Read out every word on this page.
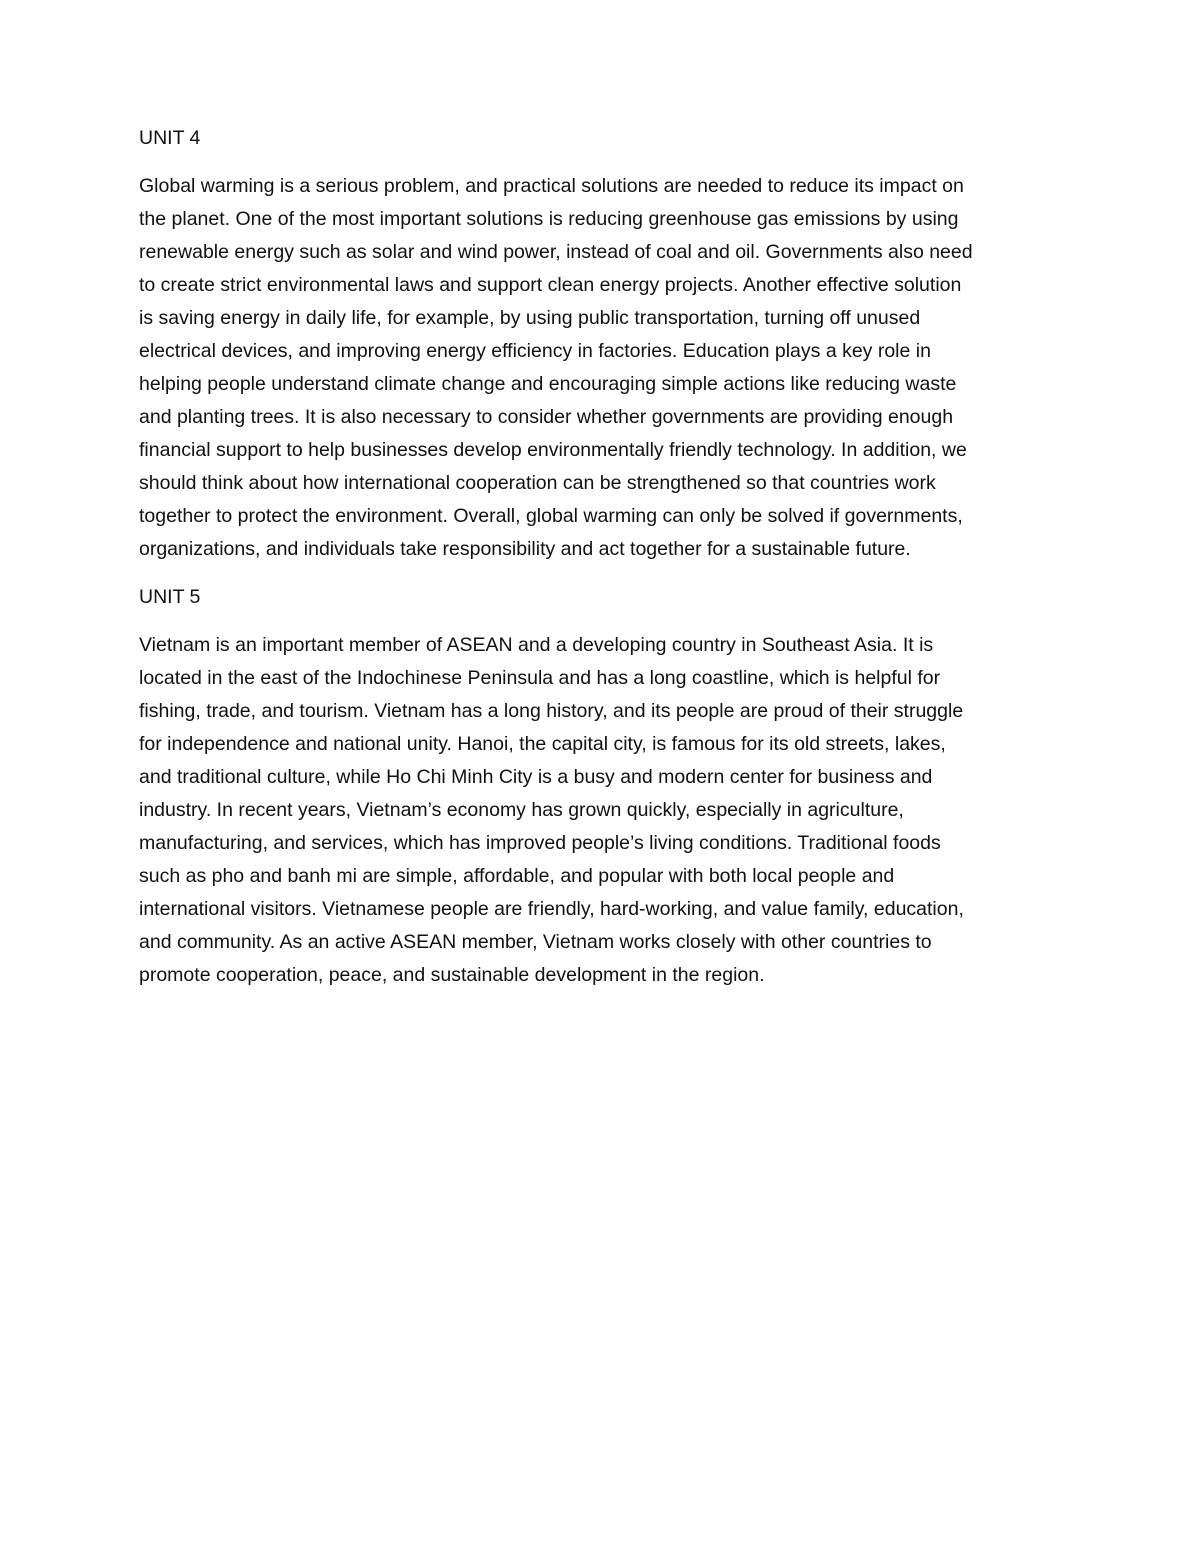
UNIT 4

Global warming is a serious problem, and practical solutions are needed to reduce its impact on
the planet. One of the most important solutions is reducing greenhouse gas emissions by using
renewable energy such as solar and wind power, instead of coal and oil. Governments also need
to create strict environmental laws and support clean energy projects. Another effective solution
is saving energy in daily life, for example, by using public transportation, turning off unused
electrical devices, and improving energy efficiency in factories. Education plays a key role in
helping people understand climate change and encouraging simple actions like reducing waste
and planting trees. It is also necessary to consider whether governments are providing enough
financial support to help businesses develop environmentally friendly technology. In addition, we
should think about how international cooperation can be strengthened so that countries work
together to protect the environment. Overall, global warming can only be solved if governments,
organizations, and individuals take responsibility and act together for a sustainable future.

UNIT 5

Vietnam is an important member of ASEAN and a developing country in Southeast Asia. It is
located in the east of the Indochinese Peninsula and has a long coastline, which is helpful for
fishing, trade, and tourism. Vietnam has a long history, and its people are proud of their struggle
for independence and national unity. Hanoi, the capital city, is famous for its old streets, lakes,
and traditional culture, while Ho Chi Minh City is a busy and modern center for business and
industry. In recent years, Vietnam’s economy has grown quickly, especially in agriculture,
manufacturing, and services, which has improved people’s living conditions. Traditional foods
such as pho and banh mi are simple, affordable, and popular with both local people and
international visitors. Vietnamese people are friendly, hard-working, and value family, education,
and community. As an active ASEAN member, Vietnam works closely with other countries to
promote cooperation, peace, and sustainable development in the region.
